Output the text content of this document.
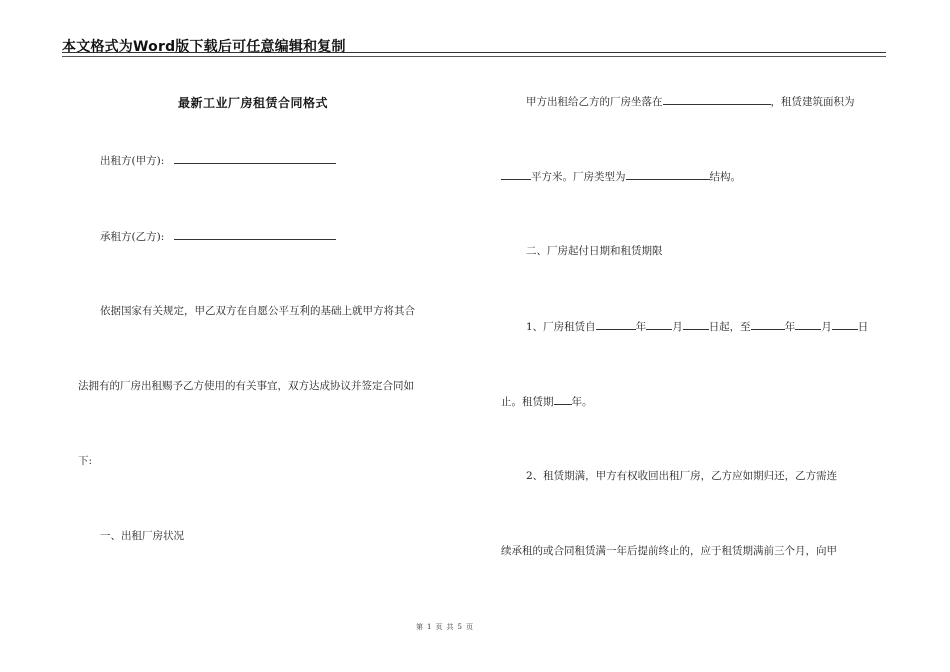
本文格式为Word版下载后可任意编辑和复制
最新工业厂房租赁合同格式
出租方(甲方):
承租方(乙方):
依据国家有关规定，甲乙双方在自愿公平互利的基础上就甲方将其合
法拥有的厂房出租赐予乙方使用的有关事宜，双方达成协议并签定合同如
下:
一、出租厂房状况
甲方出租给乙方的厂房坐落在	，租赁建筑面积为
平方米。厂房类型为	结构。
二、厂房起付日期和租赁期限
1、厂房租赁自	年 月 日起，至	年 月 日
止。租赁期 年。
2、租赁期满，甲方有权收回出租厂房，乙方应如期归还，乙方需连
续承租的或合同租赁满一年后提前终止的，应于租赁期满前三个月，向甲
第 1 页 共 5 页
